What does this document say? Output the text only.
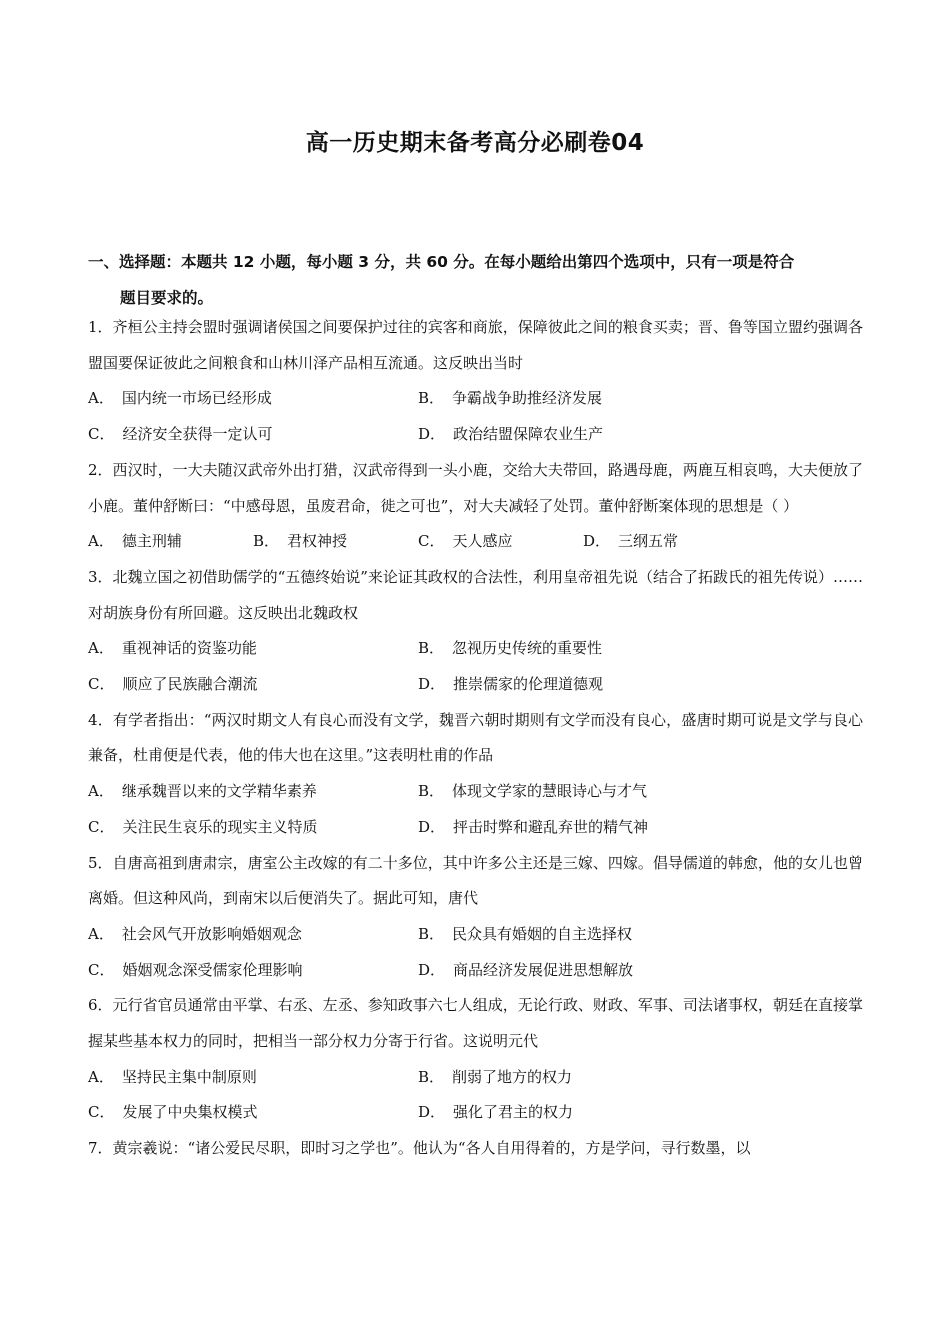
高一历史期末备考高分必刷卷04
一、选择题：本题共 12 小题，每小题 3 分，共 60 分。在每小题给出第四个选项中，只有一项是符合
题目要求的。

1．齐桓公主持会盟时强调诸侯国之间要保护过往的宾客和商旅，保障彼此之间的粮食买卖；晋、鲁等国立盟约强调各盟国要保证彼此之间粮食和山林川泽产品相互流通。这反映出当时

A． 国内统一市场已经形成	B． 争霸战争助推经济发展
C． 经济安全获得一定认可	D． 政治结盟保障农业生产

2．西汉时，一大夫随汉武帝外出打猎，汉武帝得到一头小鹿，交给大夫带回，路遇母鹿，两鹿互相哀鸣，大夫便放了小鹿。董仲舒断曰：“中感母恩，虽废君命，徙之可也”，对大夫减轻了处罚。董仲舒断案体现的思想是（ ）

A． 德主刑辅	B． 君权神授	C． 天人感应	D． 三纲五常

3．北魏立国之初借助儒学的“五德终始说”来论证其政权的合法性，利用皇帝祖先说（结合了拓跋氏的祖先传说）……对胡族身份有所回避。这反映出北魏政权

A． 重视神话的资鉴功能	B． 忽视历史传统的重要性
C． 顺应了民族融合潮流	D． 推崇儒家的伦理道德观

4．有学者指出：“两汉时期文人有良心而没有文学，魏晋六朝时期则有文学而没有良心，盛唐时期可说是文学与良心兼备，杜甫便是代表，他的伟大也在这里。”这表明杜甫的作品

A． 继承魏晋以来的文学精华素养	B． 体现文学家的慧眼诗心与才气
C． 关注民生哀乐的现实主义特质	D． 抨击时弊和避乱弃世的精气神

5．自唐高祖到唐肃宗，唐室公主改嫁的有二十多位，其中许多公主还是三嫁、四嫁。倡导儒道的韩愈，他的女儿也曾离婚。但这种风尚，到南宋以后便消失了。据此可知，唐代

A． 社会风气开放影响婚姻观念	B． 民众具有婚姻的自主选择权
C． 婚姻观念深受儒家伦理影响	D． 商品经济发展促进思想解放

6．元行省官员通常由平掌、右丞、左丞、参知政事六七人组成，无论行政、财政、军事、司法诸事权，朝廷在直接掌握某些基本权力的同时，把相当一部分权力分寄于行省。这说明元代

A． 坚持民主集中制原则	B． 削弱了地方的权力
C． 发展了中央集权模式	D． 强化了君主的权力

7．黄宗羲说：“诸公爱民尽职，即时习之学也”。他认为“各人自用得着的，方是学问，寻行数墨，以
